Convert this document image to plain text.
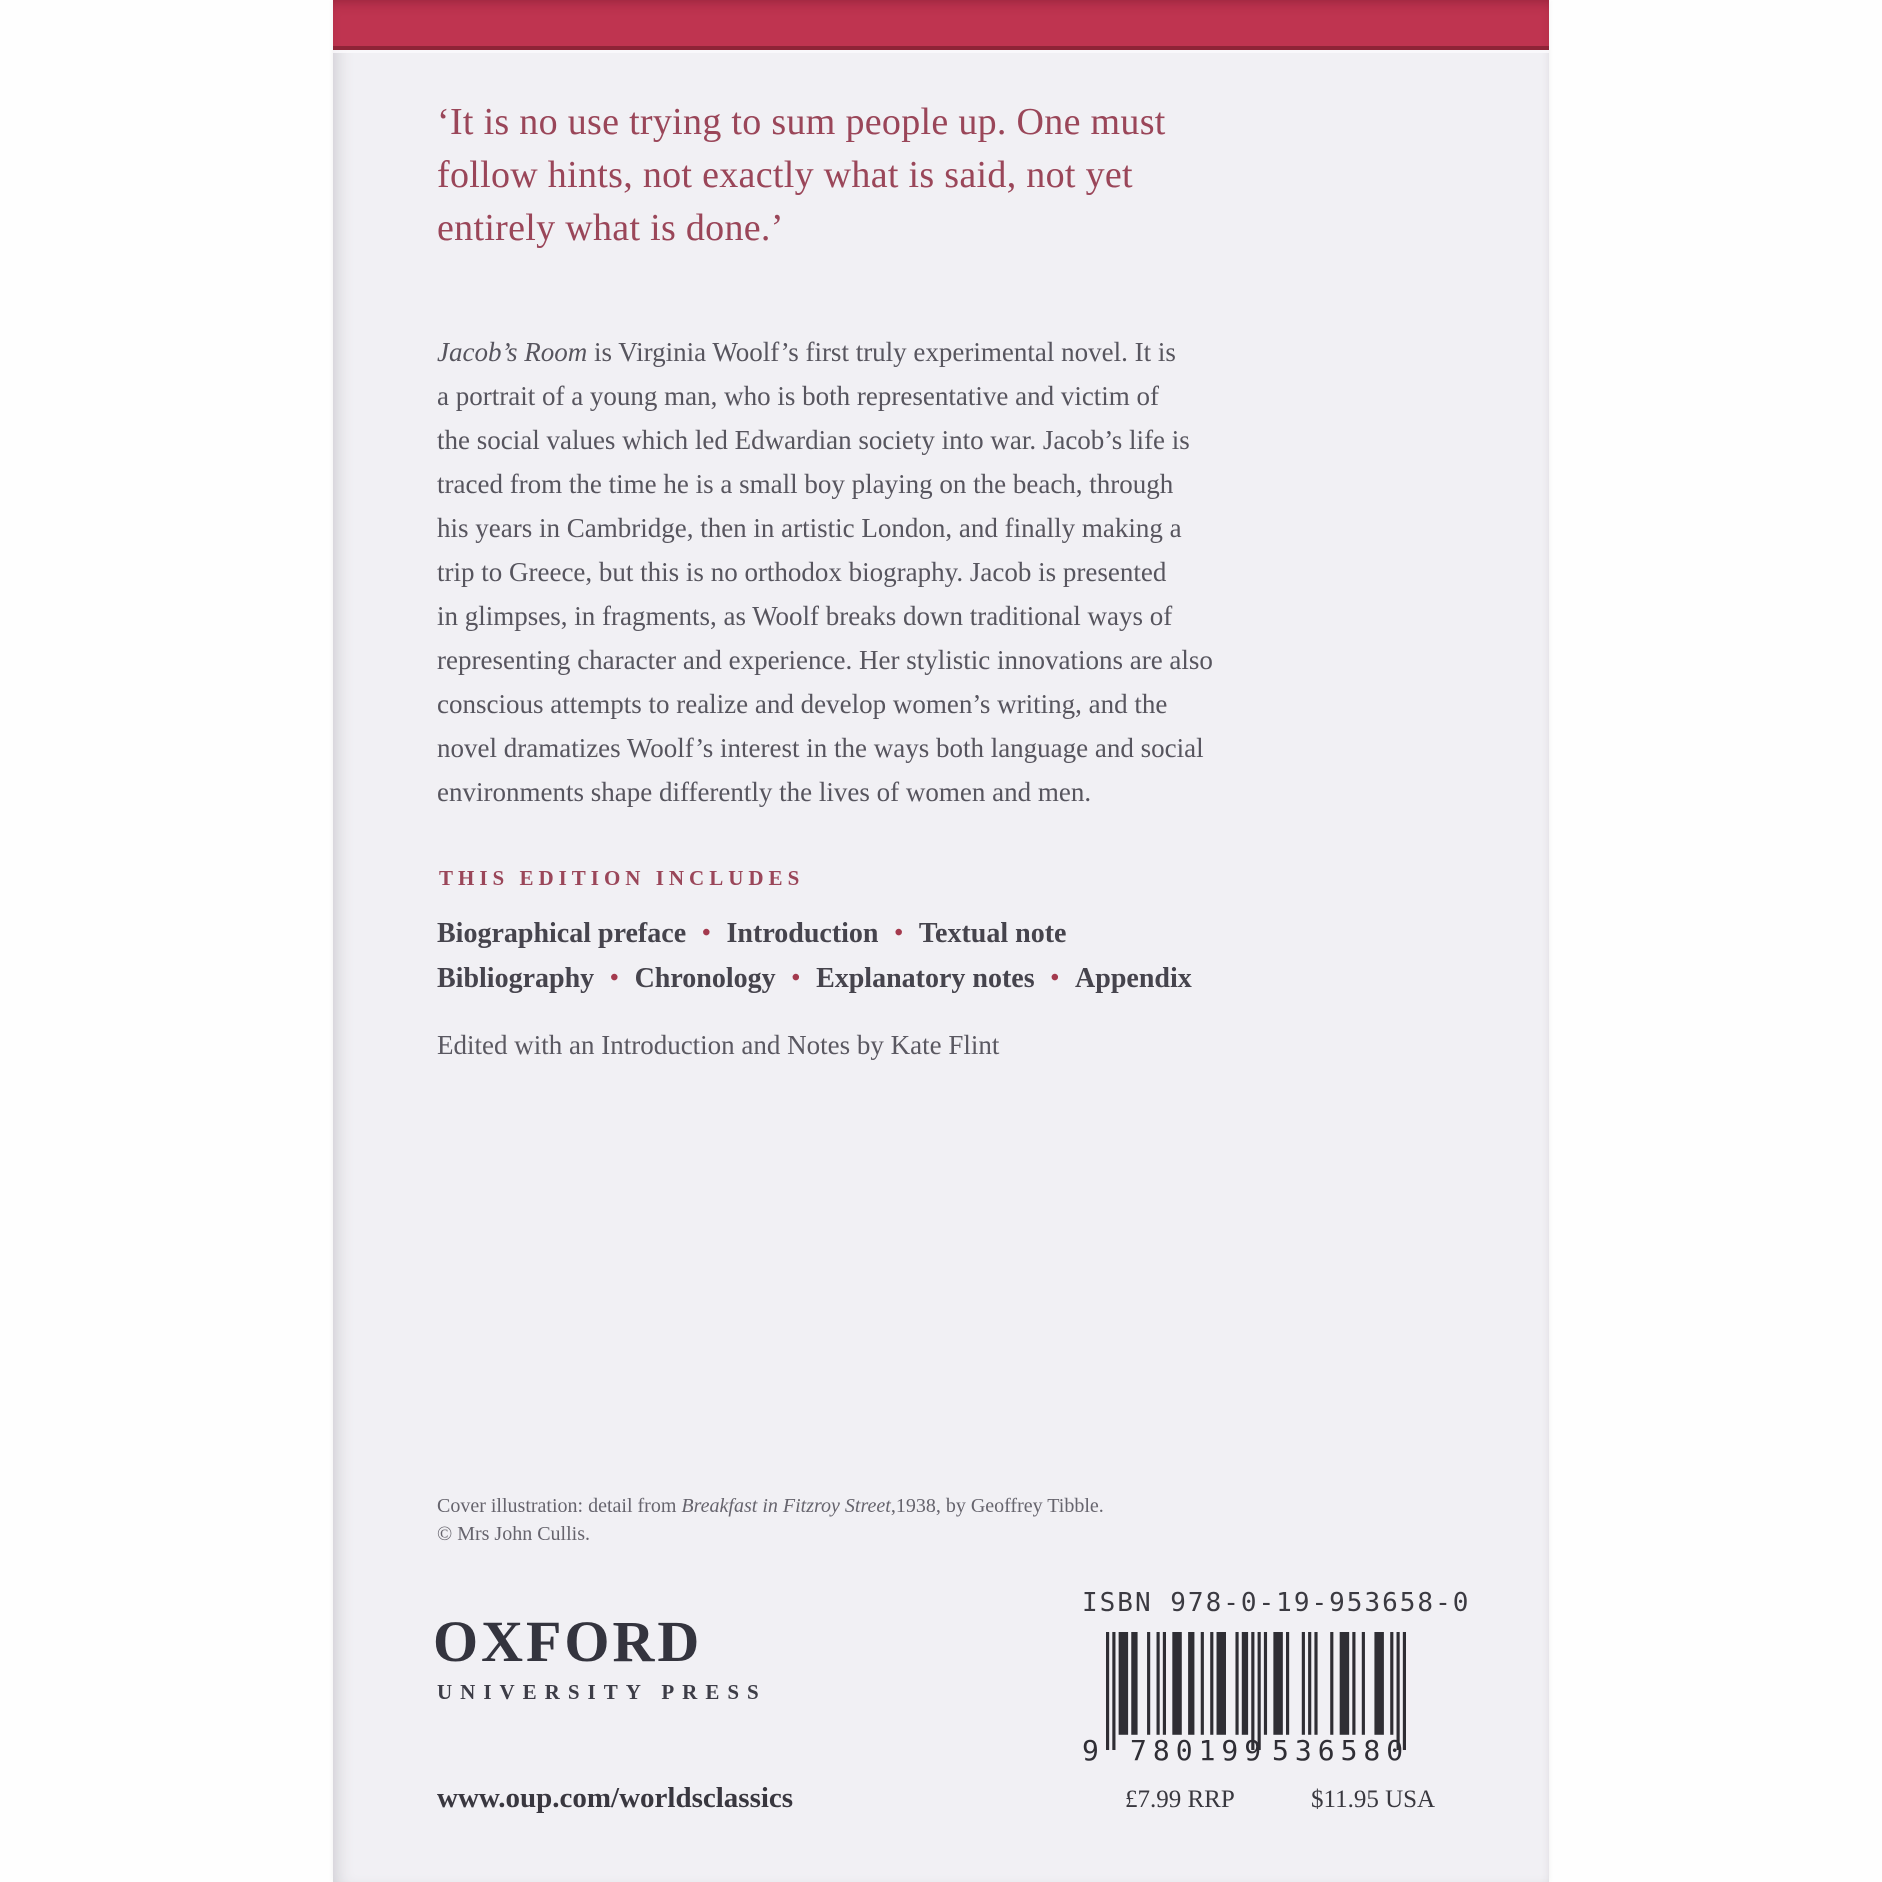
‘It is no use trying to sum people up. One must
follow hints, not exactly what is said, not yet
entirely what is done.’
Jacob’s Room is Virginia Woolf’s first truly experimental novel. It is
a portrait of a young man, who is both representative and victim of
the social values which led Edwardian society into war. Jacob’s life is
traced from the time he is a small boy playing on the beach, through
his years in Cambridge, then in artistic London, and finally making a
trip to Greece, but this is no orthodox biography. Jacob is presented
in glimpses, in fragments, as Woolf breaks down traditional ways of
representing character and experience. Her stylistic innovations are also
conscious attempts to realize and develop women’s writing, and the
novel dramatizes Woolf’s interest in the ways both language and social
environments shape differently the lives of women and men.
THIS EDITION INCLUDES
Biographical preface • Introduction • Textual note
Bibliography • Chronology • Explanatory notes • Appendix
Edited with an Introduction and Notes by Kate Flint
Cover illustration: detail from Breakfast in Fitzroy Street,1938, by Geoffrey Tibble.
© Mrs John Cullis.
OXFORD
UNIVERSITY PRESS
ISBN 978-0-19-953658-0
9 780199 536580
www.oup.com/worldsclassics	£7.99 RRP	$11.95 USA
